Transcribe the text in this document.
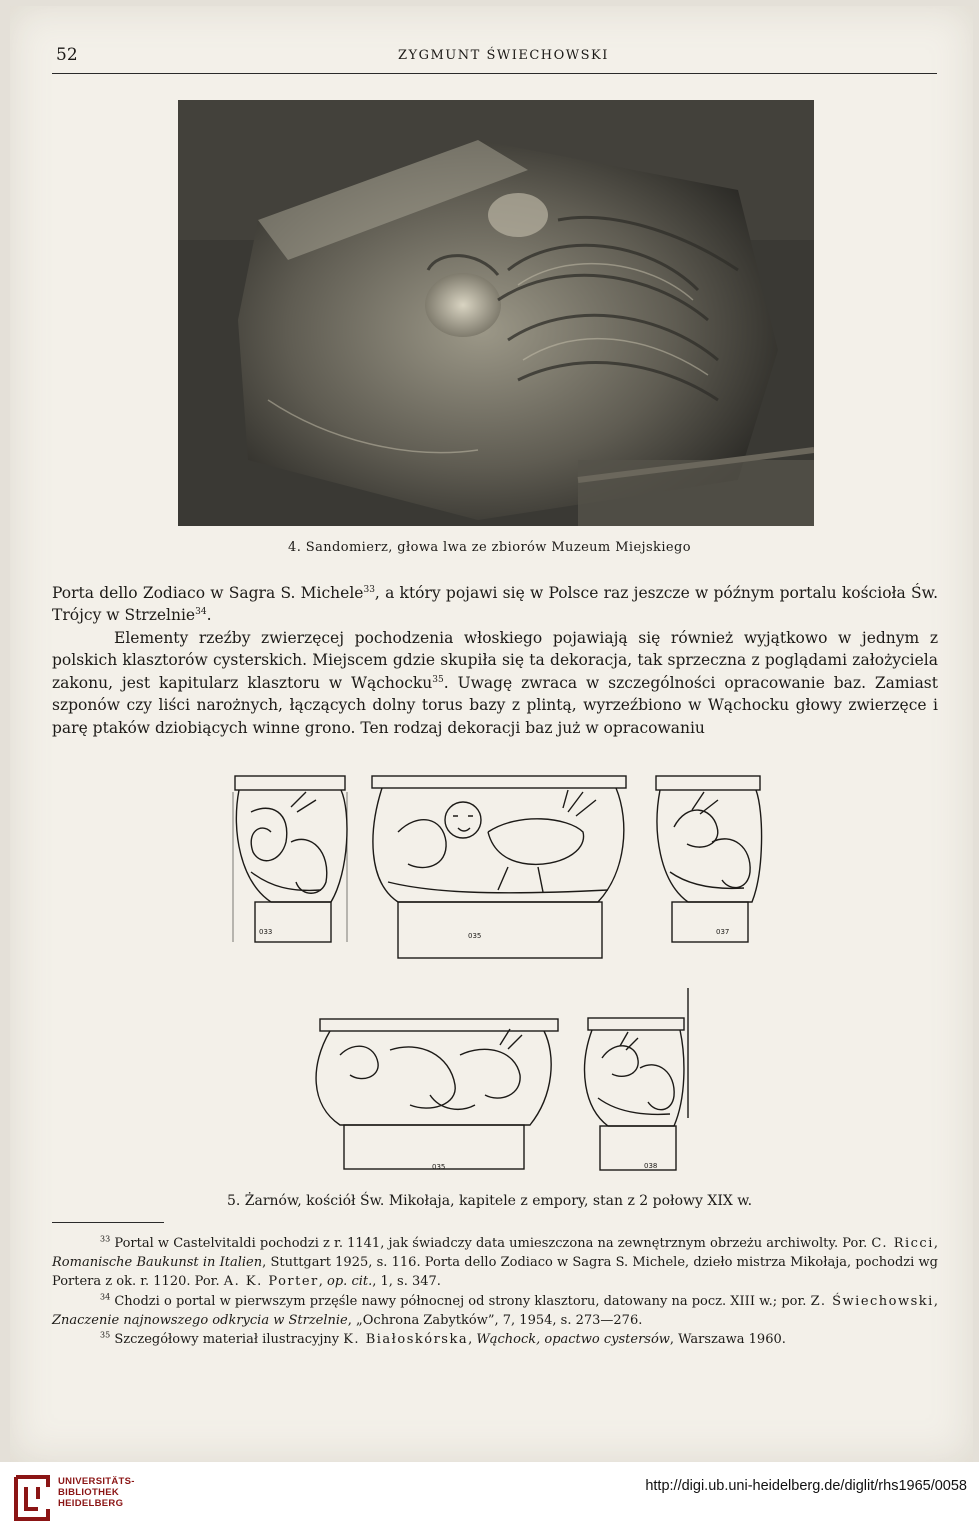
52	ZYGMUNT ŚWIECHOWSKI
4. Sandomierz, głowa lwa ze zbiorów Muzeum Miejskiego
Porta dello Zodiaco w Sagra S. Michele$^{33}$, a który pojawi się w Polsce raz jeszcze w późnym portalu kościoła Św. Trójcy w Strzelnie$^{34}$.
Elementy rzeźby zwierzęcej pochodzenia włoskiego pojawiają się również wyjątkowo w jednym z polskich klasztorów cysterskich. Miejscem gdzie skupiła się ta dekoracja, tak sprzeczna z poglądami założyciela zakonu, jest kapitularz klasztoru w Wąchocku$^{35}$. Uwagę zwraca w szczególności opracowanie baz. Zamiast szponów czy liści narożnych, łączących dolny torus bazy z plintą, wyrzeźbiono w Wąchocku głowy zwierzęce i parę ptaków dziobiących winne grono. Ten rodzaj dekoracji baz już w opracowaniu
033	035	037
035	038
5. Żarnów, kościół Św. Mikołaja, kapitele z empory, stan z 2 połowy XIX w.

$^{33}$ Portal w Castelvitaldi pochodzi z r. 1141, jak świadczy data umieszczona na zewnętrznym obrzeżu archiwolty. Por. C. Ricci, Romanische Baukunst in Italien, Stuttgart 1925, s. 116. Porta dello Zodiaco w Sagra S. Michele, dzieło mistrza Mikołaja, pochodzi wg Portera z ok. r. 1120. Por. A. K. Porter, op. cit., 1, s. 347.

$^{34}$ Chodzi o portal w pierwszym przęśle nawy północnej od strony klasztoru, datowany na pocz. XIII w.; por. Z. Świechowski, Znaczenie najnowszego odkrycia w Strzelnie, „Ochrona Zabytków”, 7, 1954, s. 273—276.

$^{35}$ Szczegółowy materiał ilustracyjny K. Białoskórska, Wąchock, opactwo cystersów, Warszawa 1960.

UNIVERSITÄTS-
BIBLIOTHEK
HEIDELBERG
http://digi.ub.uni-heidelberg.de/diglit/rhs1965/0058
